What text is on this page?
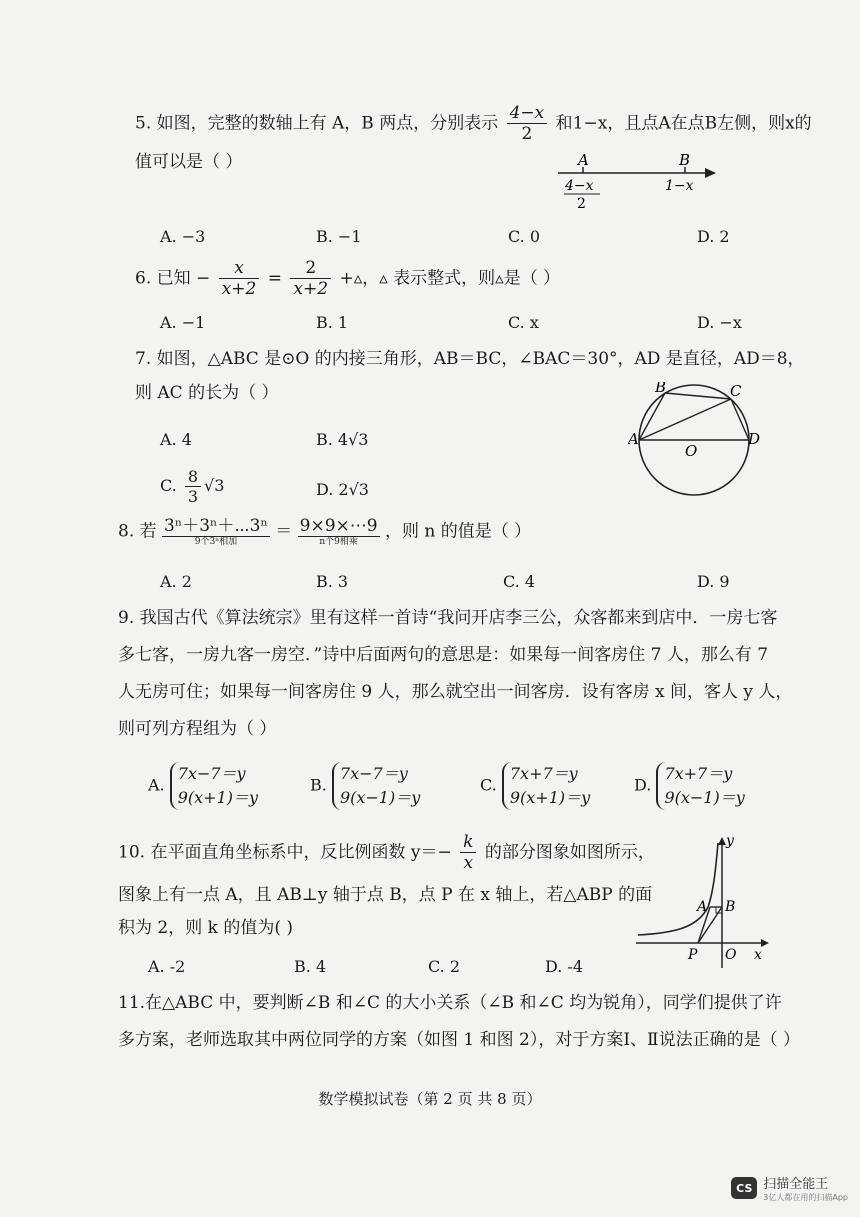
5. 如图，完整的数轴上有 A，B 两点，分别表示 $\frac{4-x}{2}$ 和1−x，且点A在点B左侧，则x的
值可以是（ ）	A	B
4−x
2
1−x
A. −3	B. −1	C. 0	D. 2
6. 已知 − $\frac{x}{x+2} = \frac{2}{x+2}$ +▵，▵ 表示整式，则▵是（ ）
A. −1	B. 1	C. x	D. −x
7. 如图，△ABC 是⊙O 的内接三角形，AB＝BC，∠BAC＝30°，AD 是直径，AD＝8，
则 AC 的长为（ ）
A. 4	B. 4√3
C. $\frac{8}{3} √3$	D. 2√3
B	C
A	D
O
8. 若 3ⁿ＋3ⁿ＋⋯3ⁿ
9个3ⁿ相加
＝ 9×9×⋯9
n个9相乘
，则 n 的值是（ ）
A. 2	B. 3	C. 4	D. 9
9. 我国古代《算法统宗》里有这样一首诗“我问开店李三公，众客都来到店中．一房七客
多七客，一房九客一房空．”诗中后面两句的意思是：如果每一间客房住 7 人，那么有 7
人无房可住；如果每一间客房住 9 人，那么就空出一间客房．设有客房 x 间，客人 y 人，
则可列方程组为（ ）
A.
7x−7＝y
9(x+1)＝y
B.
7x−7＝y
9(x−1)＝y
C.
7x+7＝y
9(x+1)＝y
D.
7x+7＝y
9(x−1)＝y
10. 在平面直角坐标系中，反比例函数 $y=- \frac{k}{x}$ 的部分图象如图所示，
图象上有一点 A，且 AB⊥y 轴于点 B，点 P 在 x 轴上，若△ABP 的面
积为 2，则 k 的值为( )
A. -2	B. 4	C. 2	D. -4
y
A B
P O x
11.在△ABC 中，要判断∠B 和∠C 的大小关系（∠B 和∠C 均为锐角），同学们提供了许
多方案，老师选取其中两位同学的方案（如图 1 和图 2），对于方案Ⅰ、Ⅱ说法正确的是（ ）
数学模拟试卷（第 2 页 共 8 页）
CS 扫描全能王
3亿人都在用的扫描App
